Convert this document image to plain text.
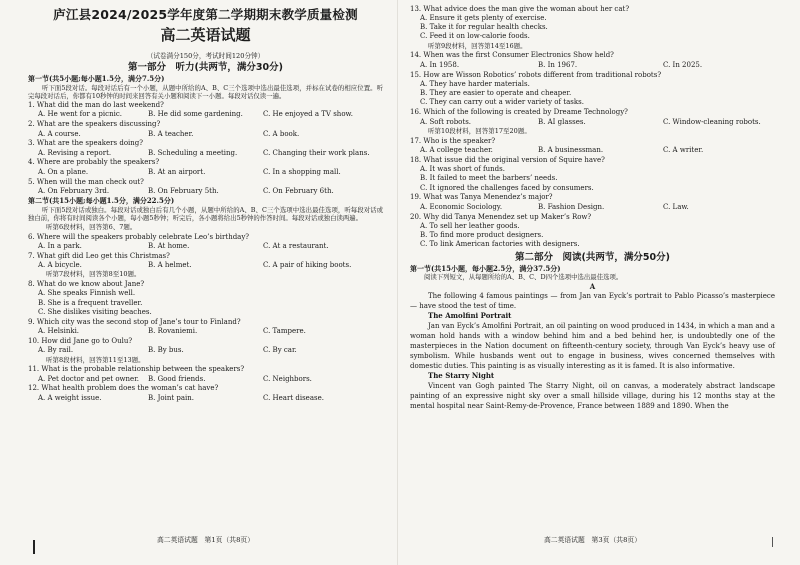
庐江县2024/2025学年度第二学期期末教学质量检测
高二英语试题
（试卷满分150分，考试时间120分钟）
第一部分　听力(共两节，满分30分)
第一节(共5小题;每小题1.5分，满分7.5分)
听下面5段对话。每段对话后有一个小题，从题中所给的A、B、C三个选项中选出最佳选项，并标在试卷的相应位置。听完每段对话后，你都有10秒钟的时间来回答有关小题和阅读下一小题。每段对话仅读一遍。
1. What did the man do last weekend?
A. He went for a picnic.	B. He did some gardening.	C. He enjoyed a TV show.
2. What are the speakers discussing?
A. A course.	B. A teacher.	C. A book.
3. What are the speakers doing?
A. Revising a report.	B. Scheduling a meeting.	C. Changing their work plans.
4. Where are probably the speakers?
A. On a plane.	B. At an airport.	C. In a shopping mall.
5. When will the man check out?
A. On February 3rd.	B. On February 5th.	C. On February 6th.
第二节(共15小题;每小题1.5分，满分22.5分)
听下面5段对话或独白。每段对话或独白后有几个小题，从题中所给的A、B、C三个选项中选出最佳选项，听每段对话或独白前，你将有时间阅读各个小题，每小题5秒钟；听完后，各小题将给出5秒钟的作答时间。每段对话或独白读两遍。
听第6段材料，回答第6、7题。
6. Where will the speakers probably celebrate Leo’s birthday?
A. In a park.	B. At home.	C. At a restaurant.
7. What gift did Leo get this Christmas?
A. A bicycle.	B. A helmet.	C. A pair of hiking boots.
听第7段材料，回答第8至10题。
8. What do we know about Jane?
A. She speaks Finnish well.
B. She is a frequent traveller.
C. She dislikes visiting beaches.
9. Which city was the second stop of Jane’s tour to Finland?
A. Helsinki.	B. Rovaniemi.	C. Tampere.
10. How did Jane go to Oulu?
A. By rail.	B. By bus.	C. By car.
听第8段材料，回答第11至13题。
11. What is the probable relationship between the speakers?
A. Pet doctor and pet owner.	B. Good friends.	C. Neighbors.
12. What health problem does the woman’s cat have?
A. A weight issue.	B. Joint pain.	C. Heart disease.
13. What advice does the man give the woman about her cat?
A. Ensure it gets plenty of exercise.
B. Take it for regular health checks.
C. Feed it on low-calorie foods.
听第9段材料，回答第14至16题。
14. When was the first Consumer Electronics Show held?
A. In 1958.	B. In 1967.	C. In 2025.
15. How are Wisson Robotics’ robots different from traditional robots?
A. They have harder materials.
B. They are easier to operate and cheaper.
C. They can carry out a wider variety of tasks.
16. Which of the following is created by Dreame Technology?
A. Soft robots.	B. AI glasses.	C. Window-cleaning robots.
听第10段材料，回答第17至20题。
17. Who is the speaker?
A. A college teacher.	B. A businessman.	C. A writer.
18. What issue did the original version of Squire have?
A. It was short of funds.
B. It failed to meet the barbers’ needs.
C. It ignored the challenges faced by consumers.
19. What was Tanya Menendez’s major?
A. Economic Sociology.	B. Fashion Design.	C. Law.
20. Why did Tanya Menendez set up Maker’s Row?
A. To sell her leather goods.
B. To find more product designers.
C. To link American factories with designers.
第二部分　阅读(共两节，满分50分)
第一节(共15小题，每小题2.5分，满分37.5分)
阅读下列短文，从每题所给的A、B、C、D四个选项中选出最佳选项。
A
The following 4 famous paintings — from Jan van Eyck’s portrait to Pablo Picasso’s masterpiece — have stood the test of time.
The Amolfini Portrait
Jan van Eyck’s Amolfini Portrait, an oil painting on wood produced in 1434, in which a man and a woman hold hands with a window behind him and a bed behind her, is undoubtedly one of the masterpieces in the Nation document on fifteenth-century society, through Van Eyck’s heavy use of symbolism. While husbands went out to engage in business, wives concerned themselves with domestic duties. This painting is as visually interesting as it is famed. It is also informative.
The Starry Night
Vincent van Gogh painted The Starry Night, oil on canvas, a moderately abstract landscape painting of an expressive night sky over a small hillside village, during his 12 months stay at the mental hospital near Saint-Remy-de-Provence, France between 1889 and 1890. When the
高二英语试题　第1页（共8页）	高二英语试题　第3页（共8页）
